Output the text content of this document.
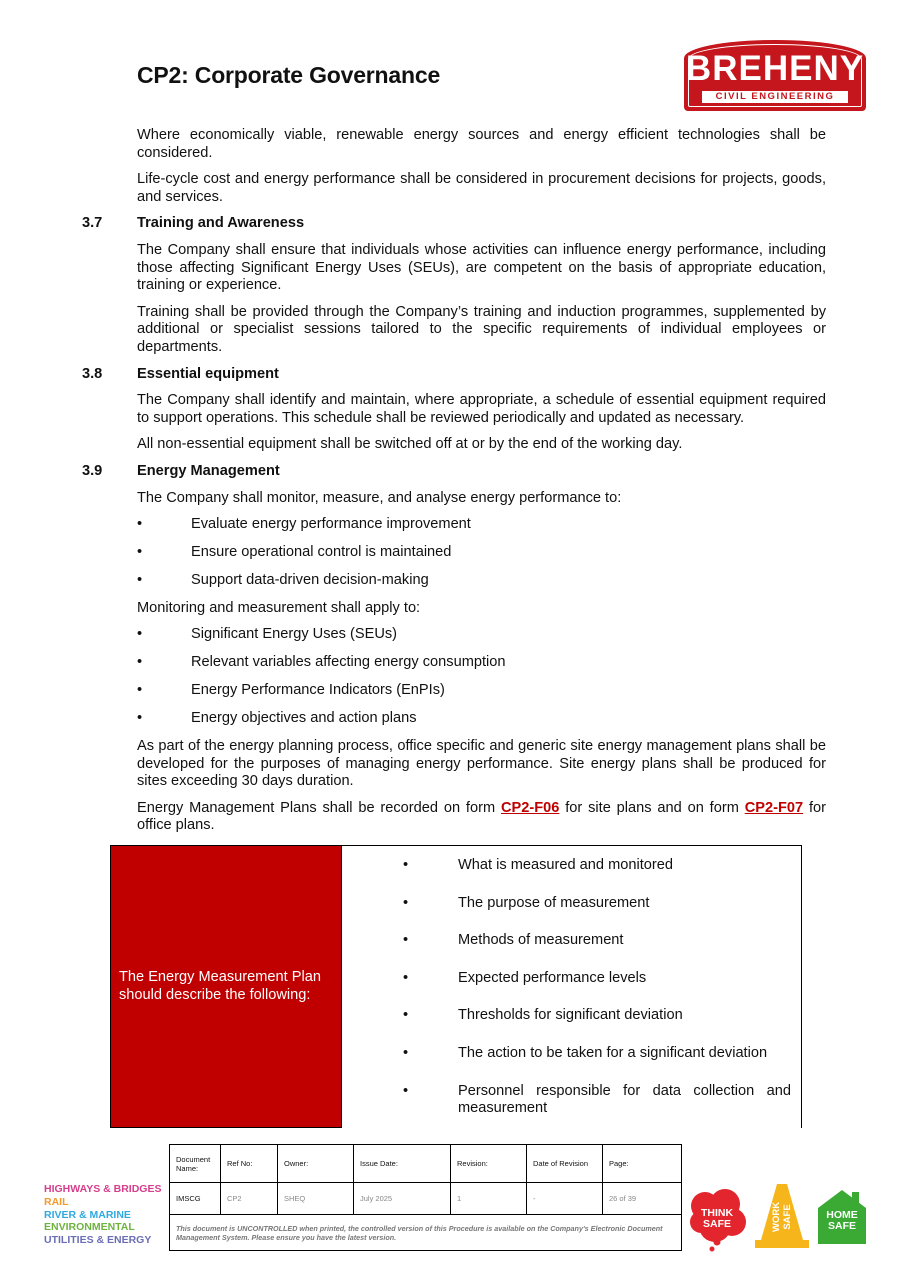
CP2: Corporate Governance	BREHENY
CIVIL ENGINEERING

Where economically viable, renewable energy sources and energy efficient technologies shall be considered.

Life-cycle cost and energy performance shall be considered in procurement decisions for projects, goods, and services.

3.7 Training and Awareness

The Company shall ensure that individuals whose activities can influence energy performance, including those affecting Significant Energy Uses (SEUs), are competent on the basis of appropriate education, training or experience.

Training shall be provided through the Company’s training and induction programmes, supplemented by additional or specialist sessions tailored to the specific requirements of individual employees or departments.

3.8 Essential equipment

The Company shall identify and maintain, where appropriate, a schedule of essential equipment required to support operations. This schedule shall be reviewed periodically and updated as necessary.

All non-essential equipment shall be switched off at or by the end of the working day.

3.9 Energy Management

The Company shall monitor, measure, and analyse energy performance to:

• Evaluate energy performance improvement
• Ensure operational control is maintained
• Support data-driven decision-making

Monitoring and measurement shall apply to:

• Significant Energy Uses (SEUs)
• Relevant variables affecting energy consumption
• Energy Performance Indicators (EnPIs)
• Energy objectives and action plans

As part of the energy planning process, office specific and generic site energy management plans shall be developed for the purposes of managing energy performance. Site energy plans shall be produced for sites exceeding 30 days duration.

Energy Management Plans shall be recorded on form CP2-F06 for site plans and on form CP2-F07 for office plans.

The Energy Measurement Plan should describe the following:
• What is measured and monitored
• The purpose of measurement
• Methods of measurement
• Expected performance levels
• Thresholds for significant deviation
• The action to be taken for a significant deviation
• Personnel responsible for data collection and measurement
HIGHWAYS & BRIDGES
RAIL
RIVER & MARINE
ENVIRONMENTAL
UTILITIES & ENERGY
Document Name:	Ref No:	Owner:	Issue Date:	Revision:	Date of Revision	Page:
IMSCG	CP2	SHEQ	July 2025	1	-	26 of 39
This document is UNCONTROLLED when printed, the controlled version of this Procedure is available on the Company's Electronic Document Management System. Please ensure you have the latest version.						
THINK SAFE	WORK SAFE	HOME SAFE
